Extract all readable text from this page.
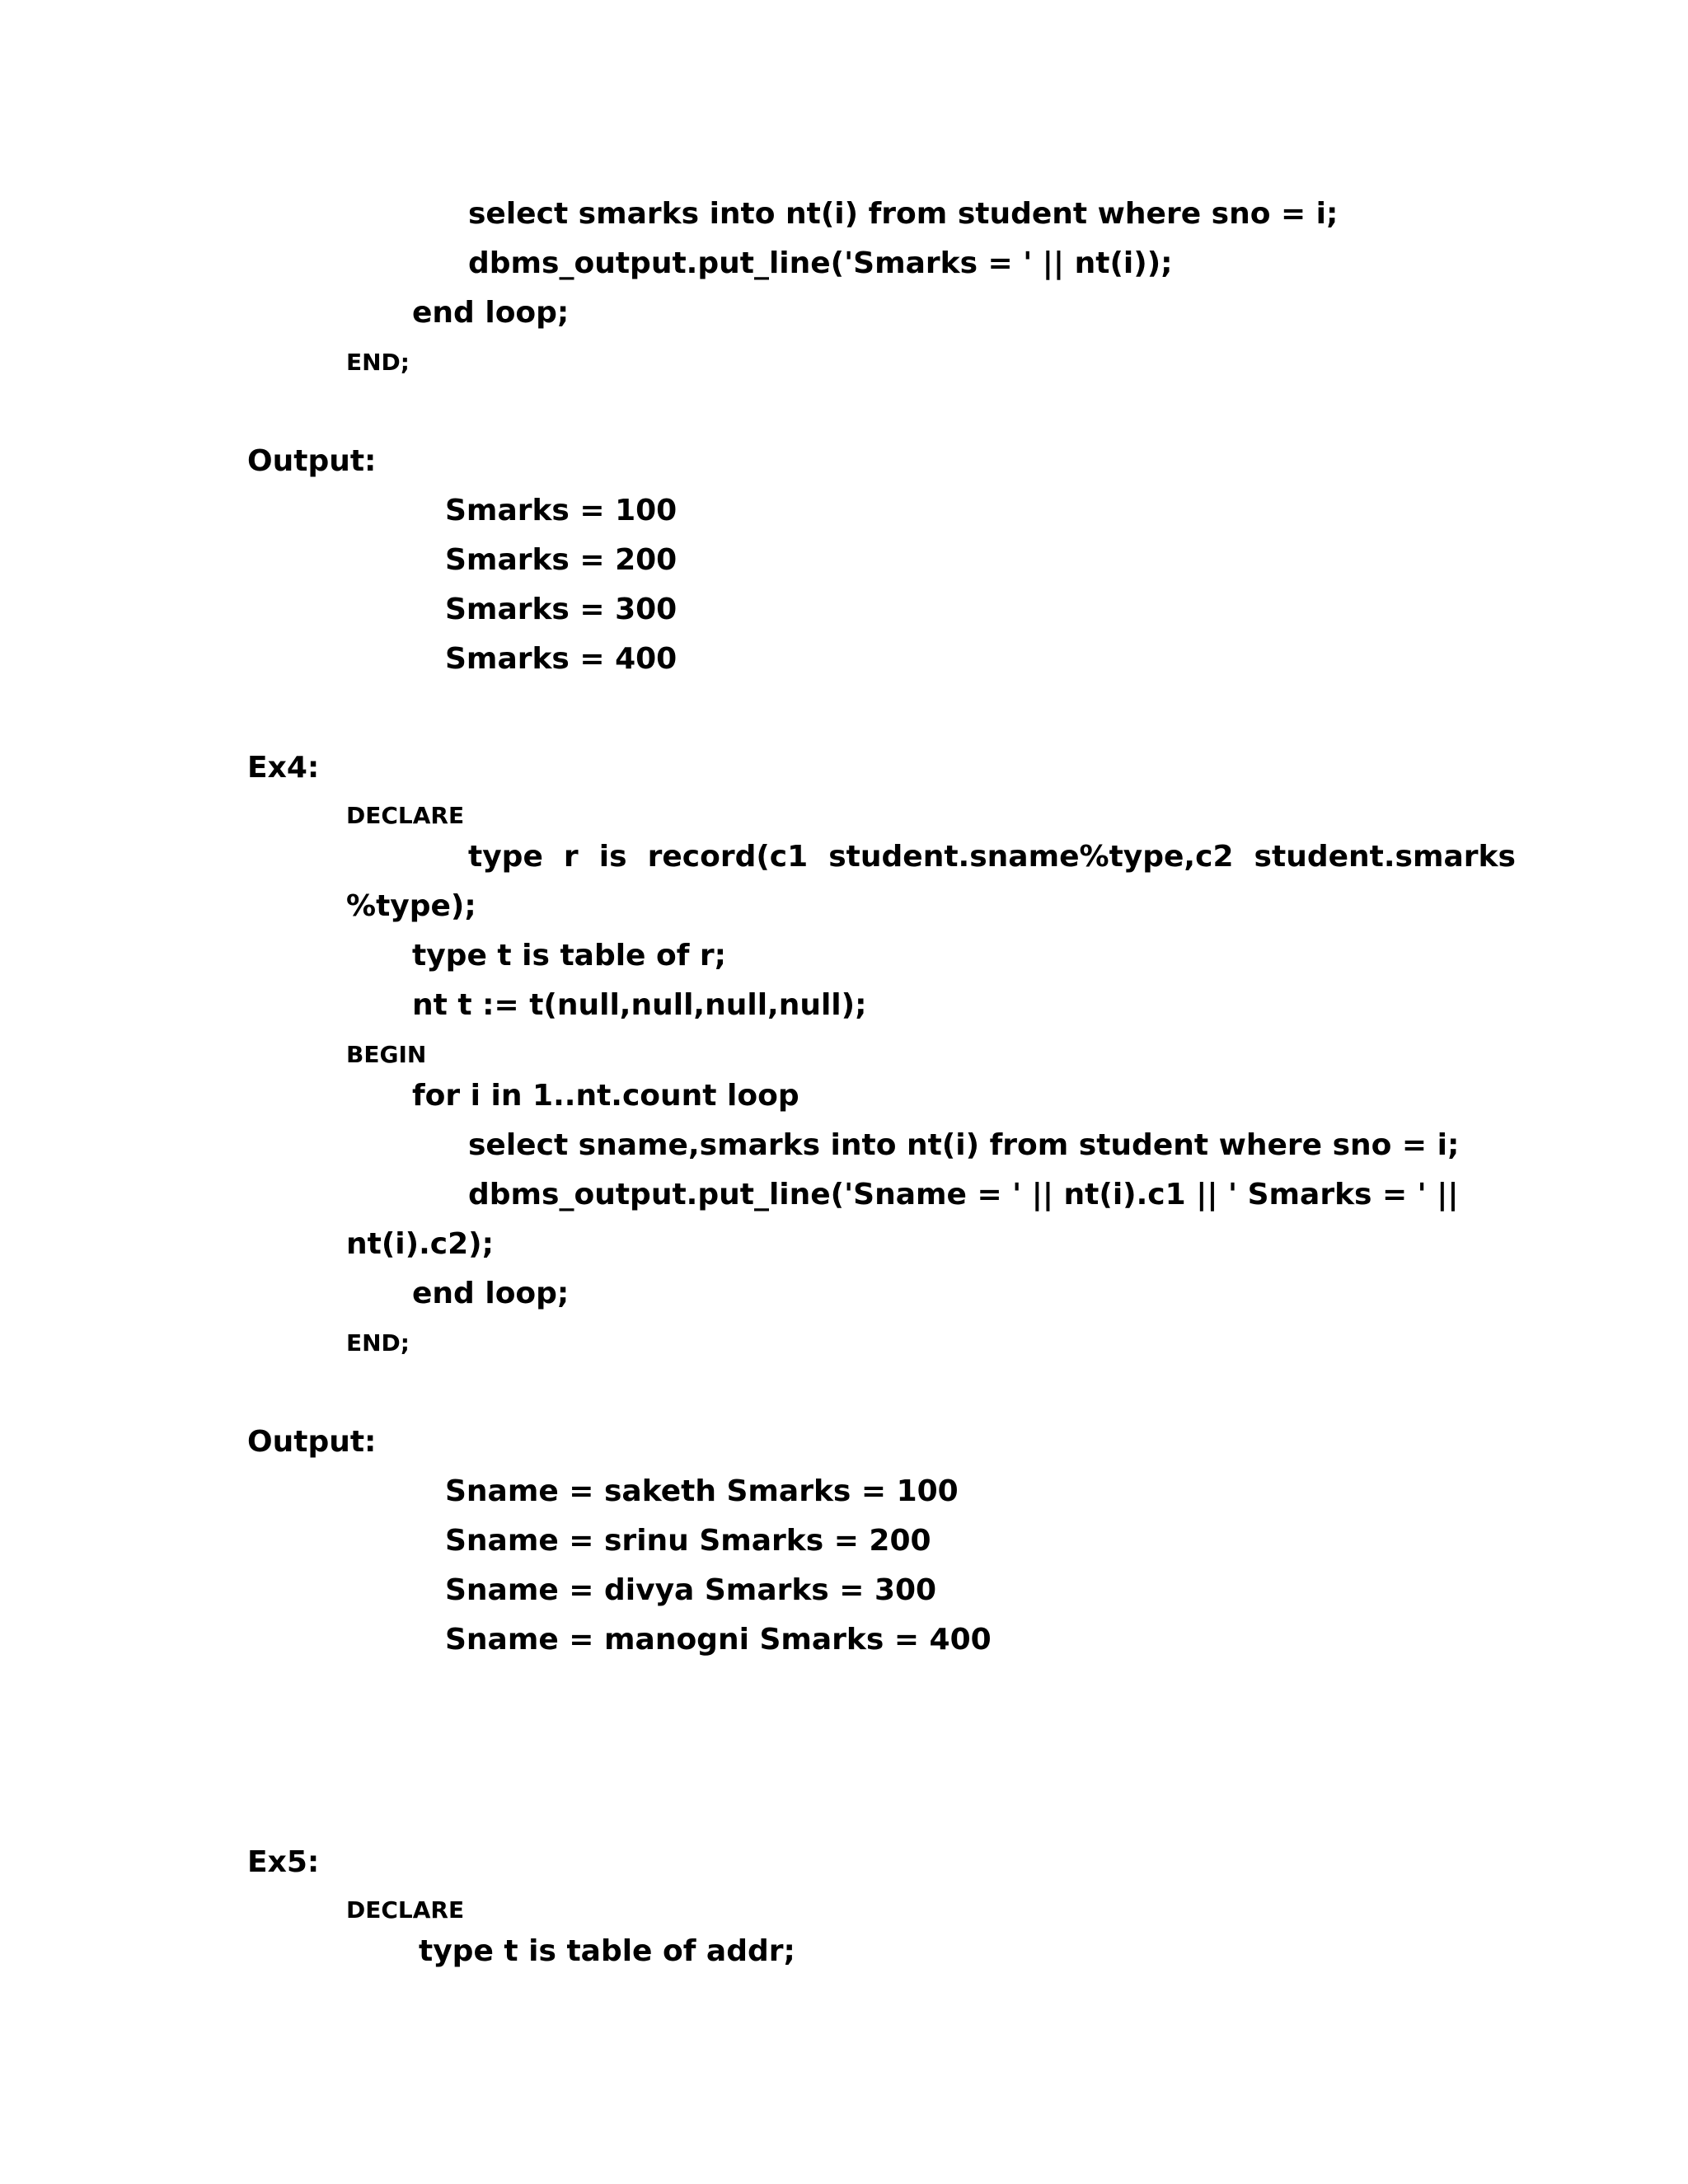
select smarks into nt(i) from student where sno = i;
dbms_output.put_line('Smarks = ' || nt(i));
end loop;
END;
Output:
Smarks = 100
Smarks = 200
Smarks = 300
Smarks = 400
Ex4:
DECLARE
type  r  is  record(c1  student.sname%type,c2  student.smarks
%type);
type t is table of r;
nt t := t(null,null,null,null);
BEGIN
for i in 1..nt.count loop
select sname,smarks into nt(i) from student where sno = i;
dbms_output.put_line('Sname = ' || nt(i).c1 || ' Smarks = ' ||
nt(i).c2);
end loop;
END;
Output:
Sname = saketh Smarks = 100
Sname = srinu Smarks = 200
Sname = divya Smarks = 300
Sname = manogni Smarks = 400
Ex5:
DECLARE
type t is table of addr;
